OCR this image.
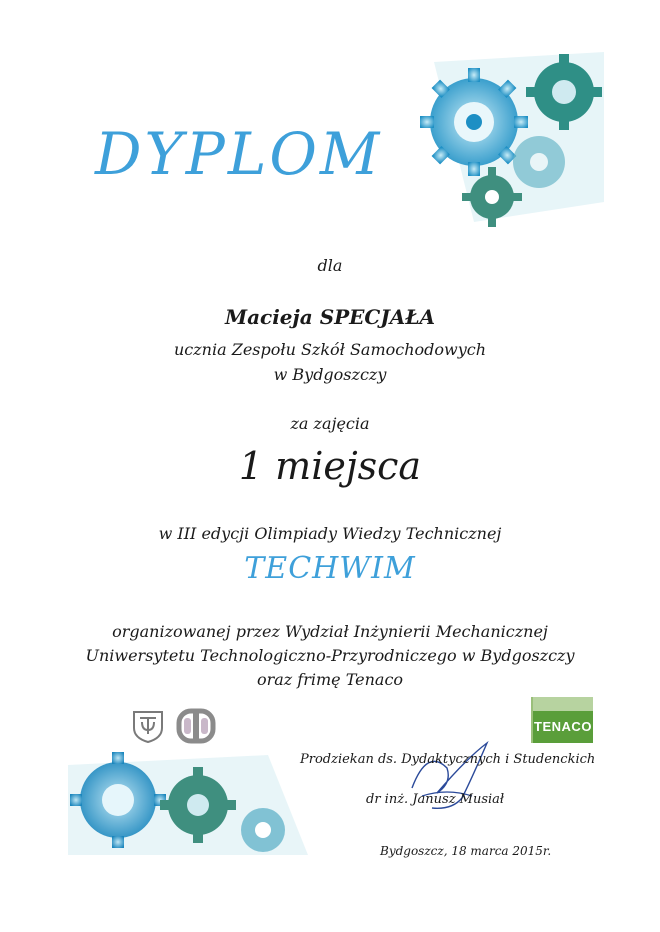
DYPLOM
dla
Macieja SPECJAŁA
ucznia Zespołu Szkół Samochodowych
w Bydgoszczy
za zajęcia
1 miejsca
w III edycji Olimpiady Wiedzy Technicznej
TECHWIM
organizowanej przez Wydział Inżynierii Mechanicznej
Uniwersytetu Technologiczno-Przyrodniczego w Bydgoszczy
oraz frimę Tenaco
TENACO
Prodziekan ds. Dydaktycznych i Studenckich
dr inż. Janusz Musiał
Bydgoszcz, 18 marca 2015r.
